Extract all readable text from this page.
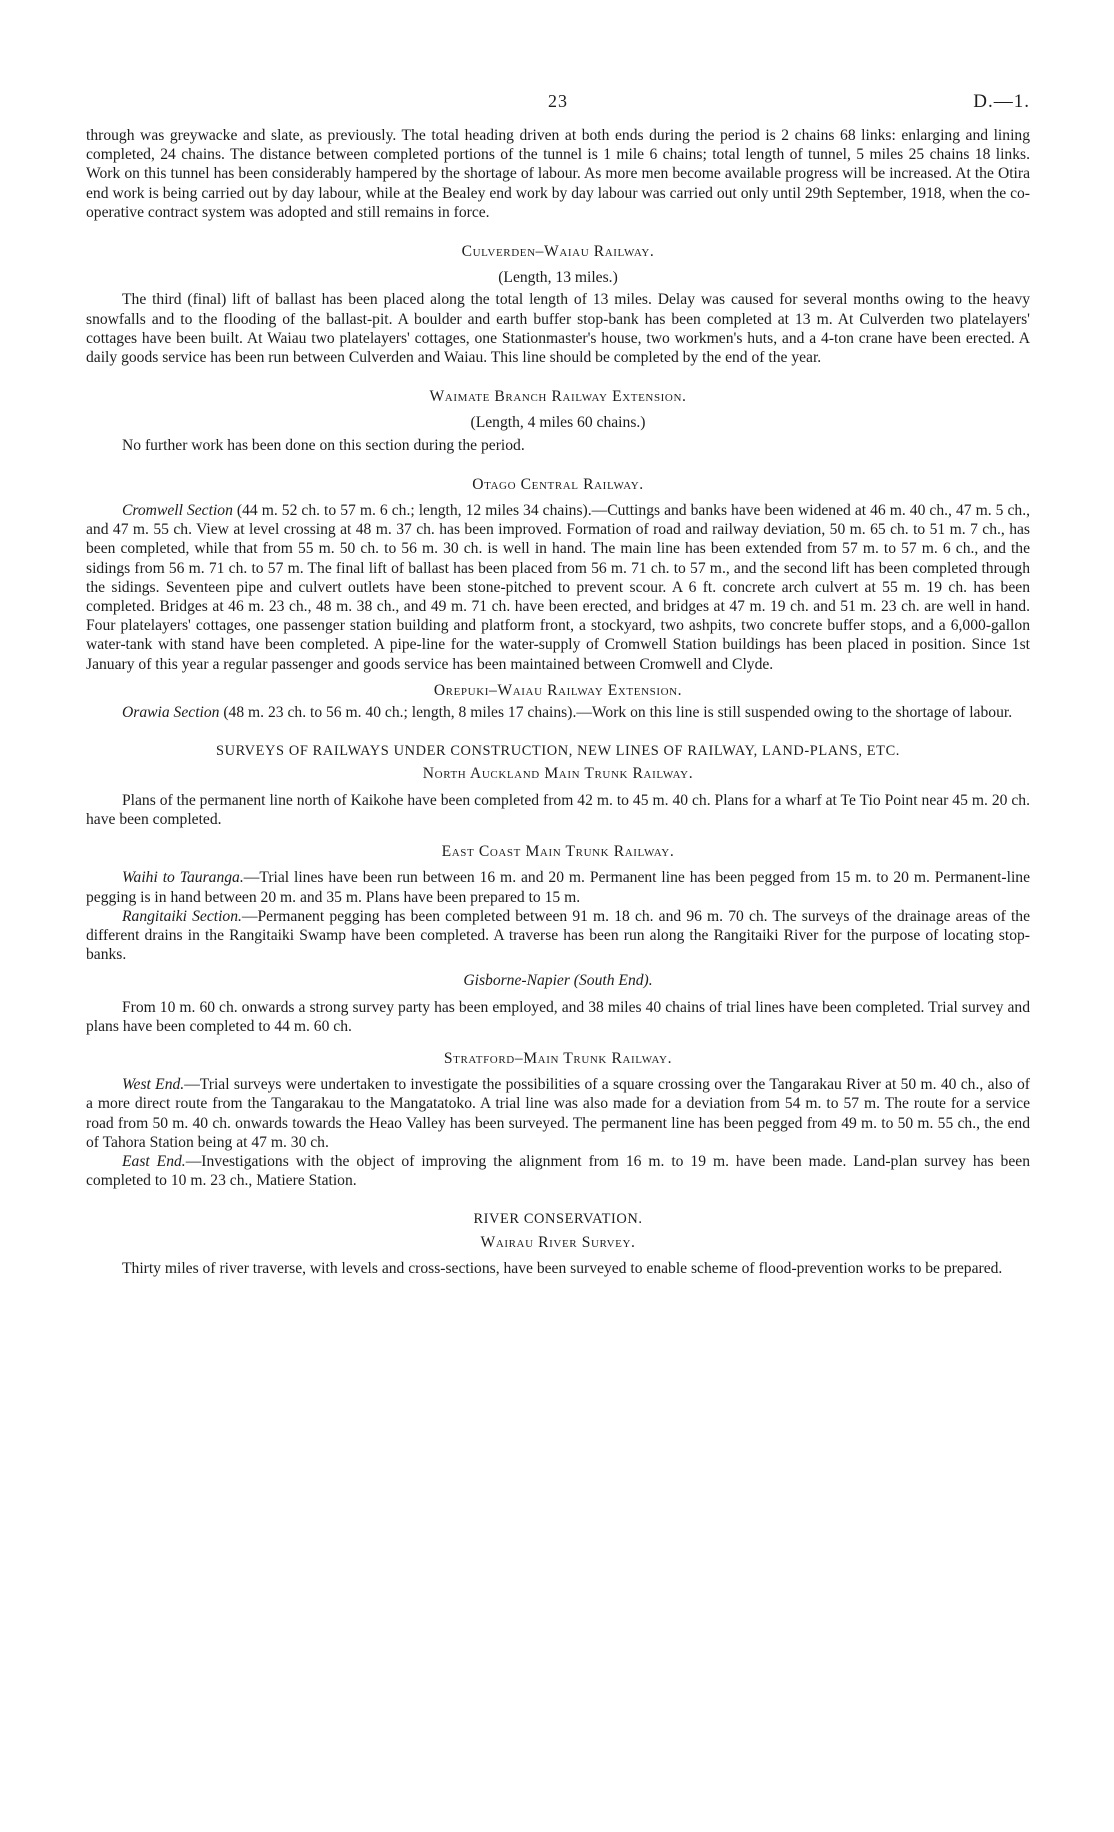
23	D.—1.

through was greywacke and slate, as previously. The total heading driven at both ends during the period is 2 chains 68 links: enlarging and lining completed, 24 chains. The distance between completed portions of the tunnel is 1 mile 6 chains; total length of tunnel, 5 miles 25 chains 18 links. Work on this tunnel has been considerably hampered by the shortage of labour. As more men become available progress will be increased. At the Otira end work is being carried out by day labour, while at the Bealey end work by day labour was carried out only until 29th September, 1918, when the co-operative contract system was adopted and still remains in force.

Culverden–Waiau Railway.
(Length, 13 miles.)

The third (final) lift of ballast has been placed along the total length of 13 miles. Delay was caused for several months owing to the heavy snowfalls and to the flooding of the ballast-pit. A boulder and earth buffer stop-bank has been completed at 13 m. At Culverden two platelayers' cottages have been built. At Waiau two platelayers' cottages, one Stationmaster's house, two workmen's huts, and a 4-ton crane have been erected. A daily goods service has been run between Culverden and Waiau. This line should be completed by the end of the year.

Waimate Branch Railway Extension.
(Length, 4 miles 60 chains.)

No further work has been done on this section during the period.

Otago Central Railway.

Cromwell Section (44 m. 52 ch. to 57 m. 6 ch.; length, 12 miles 34 chains).—Cuttings and banks have been widened at 46 m. 40 ch., 47 m. 5 ch., and 47 m. 55 ch. View at level crossing at 48 m. 37 ch. has been improved. Formation of road and railway deviation, 50 m. 65 ch. to 51 m. 7 ch., has been completed, while that from 55 m. 50 ch. to 56 m. 30 ch. is well in hand. The main line has been extended from 57 m. to 57 m. 6 ch., and the sidings from 56 m. 71 ch. to 57 m. The final lift of ballast has been placed from 56 m. 71 ch. to 57 m., and the second lift has been completed through the sidings. Seventeen pipe and culvert outlets have been stone-pitched to prevent scour. A 6 ft. concrete arch culvert at 55 m. 19 ch. has been completed. Bridges at 46 m. 23 ch., 48 m. 38 ch., and 49 m. 71 ch. have been erected, and bridges at 47 m. 19 ch. and 51 m. 23 ch. are well in hand. Four platelayers' cottages, one passenger station building and platform front, a stockyard, two ashpits, two concrete buffer stops, and a 6,000-gallon water-tank with stand have been completed. A pipe-line for the water-supply of Cromwell Station buildings has been placed in position. Since 1st January of this year a regular passenger and goods service has been maintained between Cromwell and Clyde.

Orepuki–Waiau Railway Extension.

Orawia Section (48 m. 23 ch. to 56 m. 40 ch.; length, 8 miles 17 chains).—Work on this line is still suspended owing to the shortage of labour.

SURVEYS OF RAILWAYS UNDER CONSTRUCTION, NEW LINES OF RAILWAY, LAND-PLANS, ETC.
North Auckland Main Trunk Railway.

Plans of the permanent line north of Kaikohe have been completed from 42 m. to 45 m. 40 ch. Plans for a wharf at Te Tio Point near 45 m. 20 ch. have been completed.

East Coast Main Trunk Railway.

Waihi to Tauranga.—Trial lines have been run between 16 m. and 20 m. Permanent line has been pegged from 15 m. to 20 m. Permanent-line pegging is in hand between 20 m. and 35 m. Plans have been prepared to 15 m.

Rangitaiki Section.—Permanent pegging has been completed between 91 m. 18 ch. and 96 m. 70 ch. The surveys of the drainage areas of the different drains in the Rangitaiki Swamp have been completed. A traverse has been run along the Rangitaiki River for the purpose of locating stop-banks.

Gisborne-Napier (South End).

From 10 m. 60 ch. onwards a strong survey party has been employed, and 38 miles 40 chains of trial lines have been completed. Trial survey and plans have been completed to 44 m. 60 ch.

Stratford–Main Trunk Railway.

West End.—Trial surveys were undertaken to investigate the possibilities of a square crossing over the Tangarakau River at 50 m. 40 ch., also of a more direct route from the Tangarakau to the Mangatatoko. A trial line was also made for a deviation from 54 m. to 57 m. The route for a service road from 50 m. 40 ch. onwards towards the Heao Valley has been surveyed. The permanent line has been pegged from 49 m. to 50 m. 55 ch., the end of Tahora Station being at 47 m. 30 ch.

East End.—Investigations with the object of improving the alignment from 16 m. to 19 m. have been made. Land-plan survey has been completed to 10 m. 23 ch., Matiere Station.

RIVER CONSERVATION.
Wairau River Survey.

Thirty miles of river traverse, with levels and cross-sections, have been surveyed to enable scheme of flood-prevention works to be prepared.
